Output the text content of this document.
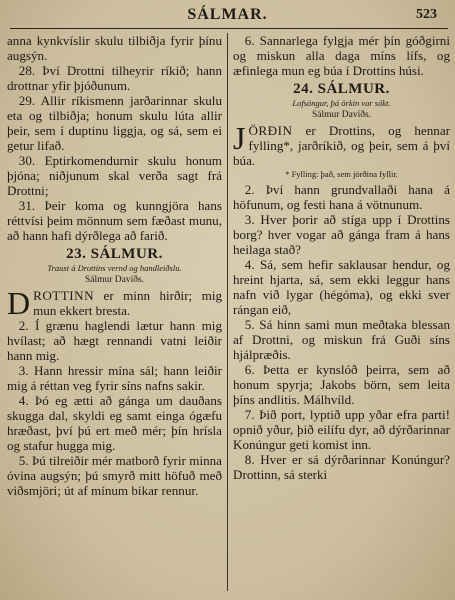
SÁLMAR.	523

anna kynkvíslir skulu tilbiðja fyrir þínu augsýn.

28. Því Drottni tilheyrir ríkið; hann drottnar yfir þjóðunum.

29. Allir ríkismenn jarðarinnar skulu eta og tilbiðja; honum skulu lúta allir þeir, sem í duptinu liggja, og sá, sem ei getur lifað.

30. Eptirkomendurnir skulu honum þjóna; niðjunum skal verða sagt frá Drottni;

31. Þeir koma og kunngjöra hans réttvísi þeim mönnum sem fæðast munu, að hann hafi dýrðlega að farið.

23. SÁLMUR.
Traust á Drottins vernd og handleiðslu.
Sálmur Davíðs.

DROTTINN er minn hirðir; mig mun ekkert bresta.

2. Í grænu haglendi lætur hann mig hvílast; að hægt rennandi vatni leiðir hann mig.

3. Hann hressir mína sál; hann leiðir mig á réttan veg fyrir síns nafns sakir.

4. Þó eg ætti að gánga um dauðans skugga dal, skyldi eg samt einga ógæfu hræðast, því þú ert með mér; þín hrísla og stafur hugga mig.

5. Þú tilreiðir mér matborð fyrir minna óvina augsýn; þú smyrð mitt höfuð með viðsmjöri; út af mínum bikar rennur.

6. Sannarlega fylgja mér þín góðgirni og miskun alla daga míns lífs, og æfinlega mun eg búa í Drottins húsi.

24. SÁLMUR.
Lofsöngur, þá örkin var sókt.
Sálmur Davíðs.

JÖRÐIN er Drottins, og hennar fylling*, jarðríkið, og þeir, sem á því búa.

* Fylling: það, sem jörðina fyllir.

2. Því hann grundvallaði hana á höfunum, og festi hana á vötnunum.

3. Hver þorir að stíga upp í Drottins borg? hver vogar að gánga fram á hans heilaga stað?

4. Sá, sem hefir saklausar hendur, og hreint hjarta, sá, sem ekki leggur hans nafn við lygar (hégóma), og ekki sver rángan eið,

5. Sá hinn sami mun meðtaka blessan af Drottni, og miskun frá Guði síns hjálpræðis.

6. Þetta er kynslóð þeirra, sem að honum spyrja; Jakobs börn, sem leita þíns andlitis. Málhvíld.

7. Þið port, lyptið upp yðar efra parti! opnið yður, þið eilífu dyr, að dýrðarinnar Konúngur geti komist inn.

8. Hver er sá dýrðarinnar Konúngur? Drottinn, sá sterki
